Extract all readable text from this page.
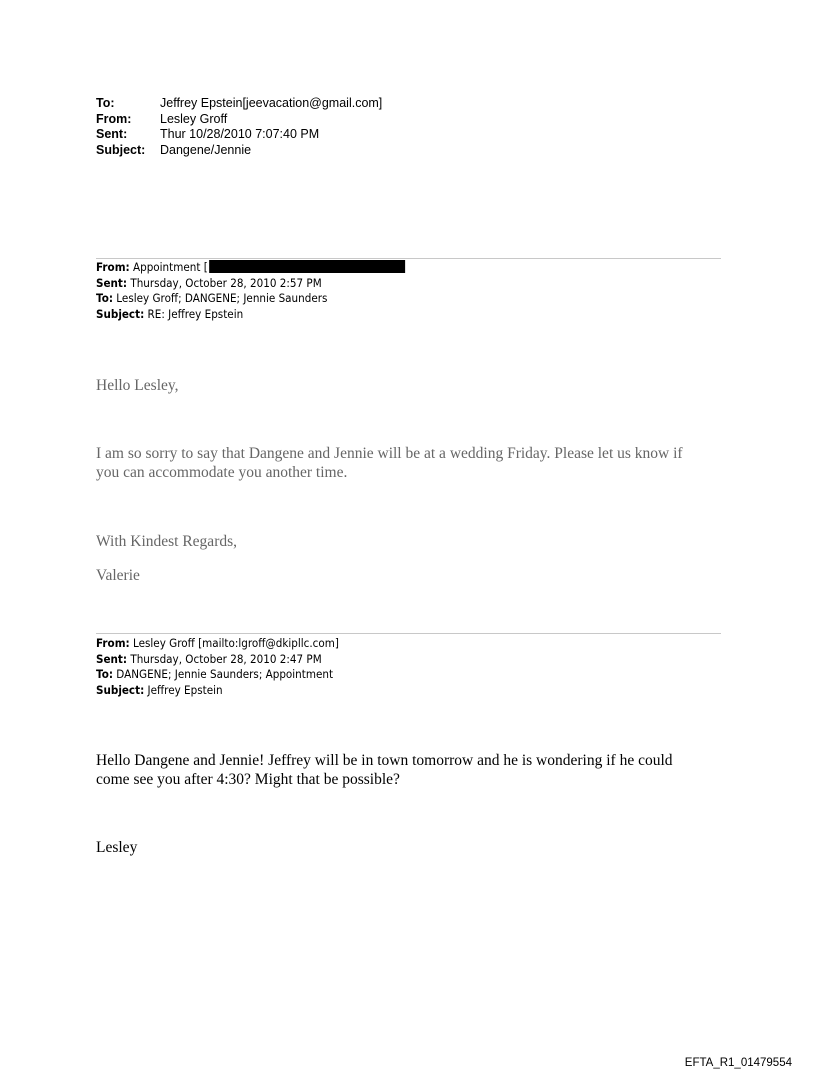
To:	Jeffrey Epstein[jeevacation@gmail.com]
From:	Lesley Groff
Sent:	Thur 10/28/2010 7:07:40 PM
Subject:	Dangene/Jennie
From: Appointment [
Sent: Thursday, October 28, 2010 2:57 PM
To: Lesley Groff; DANGENE; Jennie Saunders
Subject: RE: Jeffrey Epstein
Hello Lesley,
I am so sorry to say that Dangene and Jennie will be at a wedding Friday. Please let us know if
you can accommodate you another time.
With Kindest Regards,
Valerie
From: Lesley Groff [mailto:lgroff@dkipllc.com]
Sent: Thursday, October 28, 2010 2:47 PM
To: DANGENE; Jennie Saunders; Appointment
Subject: Jeffrey Epstein
Hello Dangene and Jennie! Jeffrey will be in town tomorrow and he is wondering if he could
come see you after 4:30? Might that be possible?
Lesley
EFTA_R1_01479554
